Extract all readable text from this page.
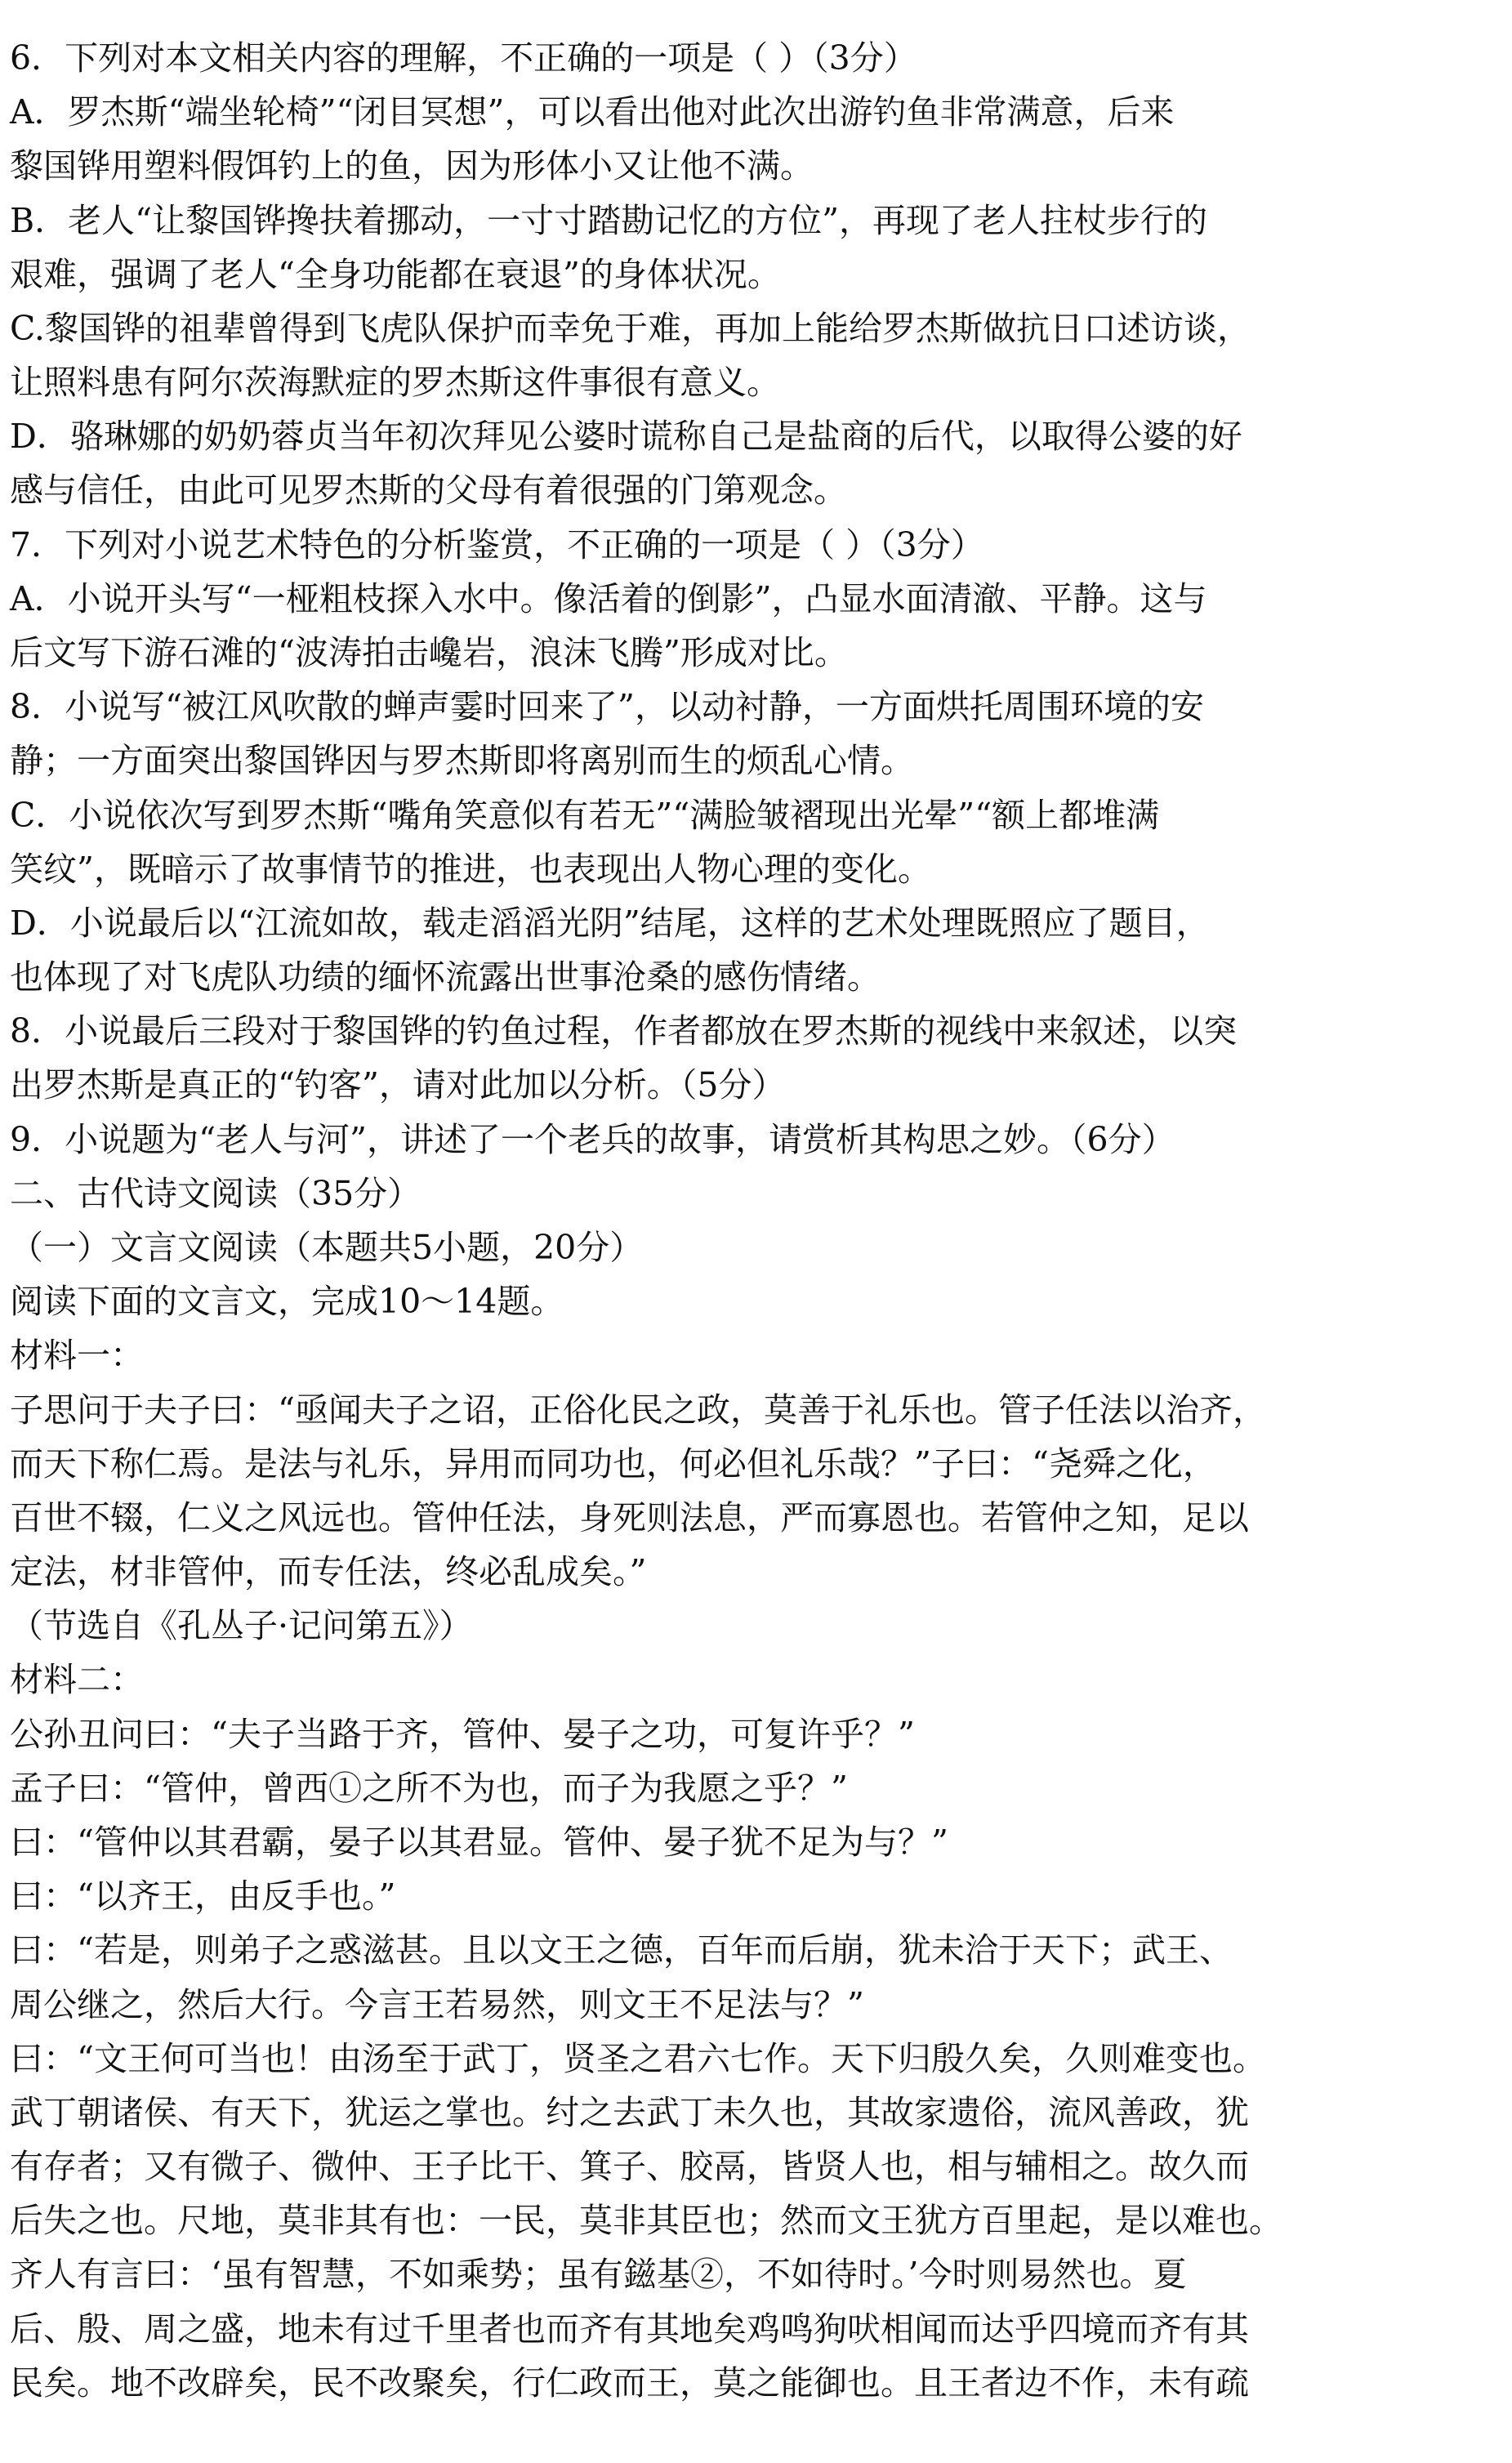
6．下列对本文相关内容的理解，不正确的一项是（ ）（3分）
A．罗杰斯“端坐轮椅”“闭目冥想”，可以看出他对此次出游钓鱼非常满意，后来
黎国铧用塑料假饵钓上的鱼，因为形体小又让他不满。
B．老人“让黎国铧搀扶着挪动，一寸寸踏勘记忆的方位”，再现了老人拄杖步行的
艰难，强调了老人“全身功能都在衰退”的身体状况。
C.黎国铧的祖辈曾得到飞虎队保护而幸免于难，再加上能给罗杰斯做抗日口述访谈，
让照料患有阿尔茨海默症的罗杰斯这件事很有意义。
D．骆琳娜的奶奶蓉贞当年初次拜见公婆时谎称自己是盐商的后代，以取得公婆的好
感与信任，由此可见罗杰斯的父母有着很强的门第观念。
7．下列对小说艺术特色的分析鉴赏，不正确的一项是（ ）（3分）
A．小说开头写“一桠粗枝探入水中。像活着的倒影”，凸显水面清澈、平静。这与
后文写下游石滩的“波涛拍击巉岩，浪沫飞腾”形成对比。
8．小说写“被江风吹散的蝉声霎时回来了”，以动衬静，一方面烘托周围环境的安
静；一方面突出黎国铧因与罗杰斯即将离别而生的烦乱心情。
C．小说依次写到罗杰斯“嘴角笑意似有若无”“满脸皱褶现出光晕”“额上都堆满
笑纹”，既暗示了故事情节的推进，也表现出人物心理的变化。
D．小说最后以“江流如故，载走滔滔光阴”结尾，这样的艺术处理既照应了题目，
也体现了对飞虎队功绩的缅怀流露出世事沧桑的感伤情绪。
8．小说最后三段对于黎国铧的钓鱼过程，作者都放在罗杰斯的视线中来叙述，以突
出罗杰斯是真正的“钓客”，请对此加以分析。（5分）
9．小说题为“老人与河”，讲述了一个老兵的故事，请赏析其构思之妙。（6分）
二、古代诗文阅读（35分）
（一）文言文阅读（本题共5小题，20分）
阅读下面的文言文，完成10～14题。
材料一：
子思问于夫子曰：“亟闻夫子之诏，正俗化民之政，莫善于礼乐也。管子任法以治齐，
而天下称仁焉。是法与礼乐，异用而同功也，何必但礼乐哉？”子曰：“尧舜之化，
百世不辍，仁义之风远也。管仲任法，身死则法息，严而寡恩也。若管仲之知，足以
定法，材非管仲，而专任法，终必乱成矣。”
（节选自《孔丛子·记问第五》）
材料二：
公孙丑问曰：“夫子当路于齐，管仲、晏子之功，可复许乎？”
孟子曰：“管仲，曾西①之所不为也，而子为我愿之乎？”
曰：“管仲以其君霸，晏子以其君显。管仲、晏子犹不足为与？”
曰：“以齐王，由反手也。”
曰：“若是，则弟子之惑滋甚。且以文王之德，百年而后崩，犹未洽于天下；武王、
周公继之，然后大行。今言王若易然，则文王不足法与？”
曰：“文王何可当也！由汤至于武丁，贤圣之君六七作。天下归殷久矣，久则难变也。
武丁朝诸侯、有天下，犹运之掌也。纣之去武丁未久也，其故家遗俗，流风善政，犹
有存者；又有微子、微仲、王子比干、箕子、胶鬲，皆贤人也，相与辅相之。故久而
后失之也。尺地，莫非其有也：一民，莫非其臣也；然而文王犹方百里起，是以难也。
齐人有言曰：‘虽有智慧，不如乘势；虽有鎡基②，不如待时。’今时则易然也。夏
后、殷、周之盛，地未有过千里者也而齐有其地矣鸡鸣狗吠相闻而达乎四境而齐有其
民矣。地不改辟矣，民不改聚矣，行仁政而王，莫之能御也。且王者边不作，未有疏
